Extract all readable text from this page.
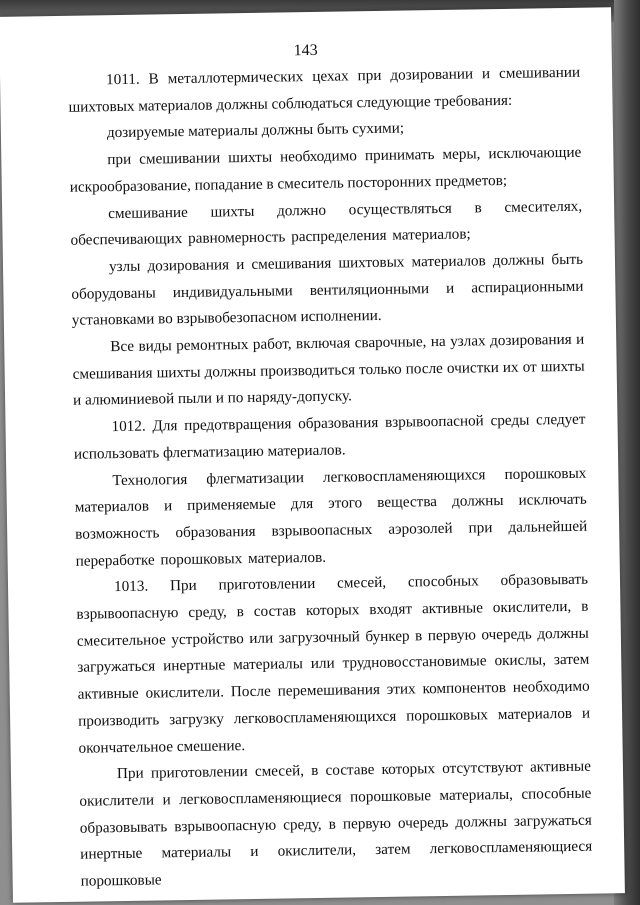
143

1011. В металлотермических цехах при дозировании и смешивании шихтовых материалов должны соблюдаться следующие требования:

дозируемые материалы должны быть сухими;

при смешивании шихты необходимо принимать меры, исключающие искрообразование, попадание в смеситель посторонних предметов;

смешивание шихты должно осуществляться в смесителях, обеспечивающих равномерность распределения материалов;

узлы дозирования и смешивания шихтовых материалов должны быть оборудованы индивидуальными вентиляционными и аспирационными установками во взрывобезопасном исполнении.

Все виды ремонтных работ, включая сварочные, на узлах дозирования и смешивания шихты должны производиться только после очистки их от шихты и алюминиевой пыли и по наряду-допуску.

1012. Для предотвращения образования взрывоопасной среды следует использовать флегматизацию материалов.

Технология флегматизации легковоспламеняющихся порошковых материалов и применяемые для этого вещества должны исключать возможность образования взрывоопасных аэрозолей при дальнейшей переработке порошковых материалов.

1013. При приготовлении смесей, способных образовывать взрывоопасную среду, в состав которых входят активные окислители, в смесительное устройство или загрузочный бункер в первую очередь должны загружаться инертные материалы или трудновосстановимые окислы, затем активные окислители. После перемешивания этих компонентов необходимо производить загрузку легковоспламеняющихся порошковых материалов и окончательное смешение.

При приготовлении смесей, в составе которых отсутствуют активные окислители и легковоспламеняющиеся порошковые материалы, способные образовывать взрывоопасную среду, в первую очередь должны загружаться инертные материалы и окислители, затем легковоспламеняющиеся порошковые
